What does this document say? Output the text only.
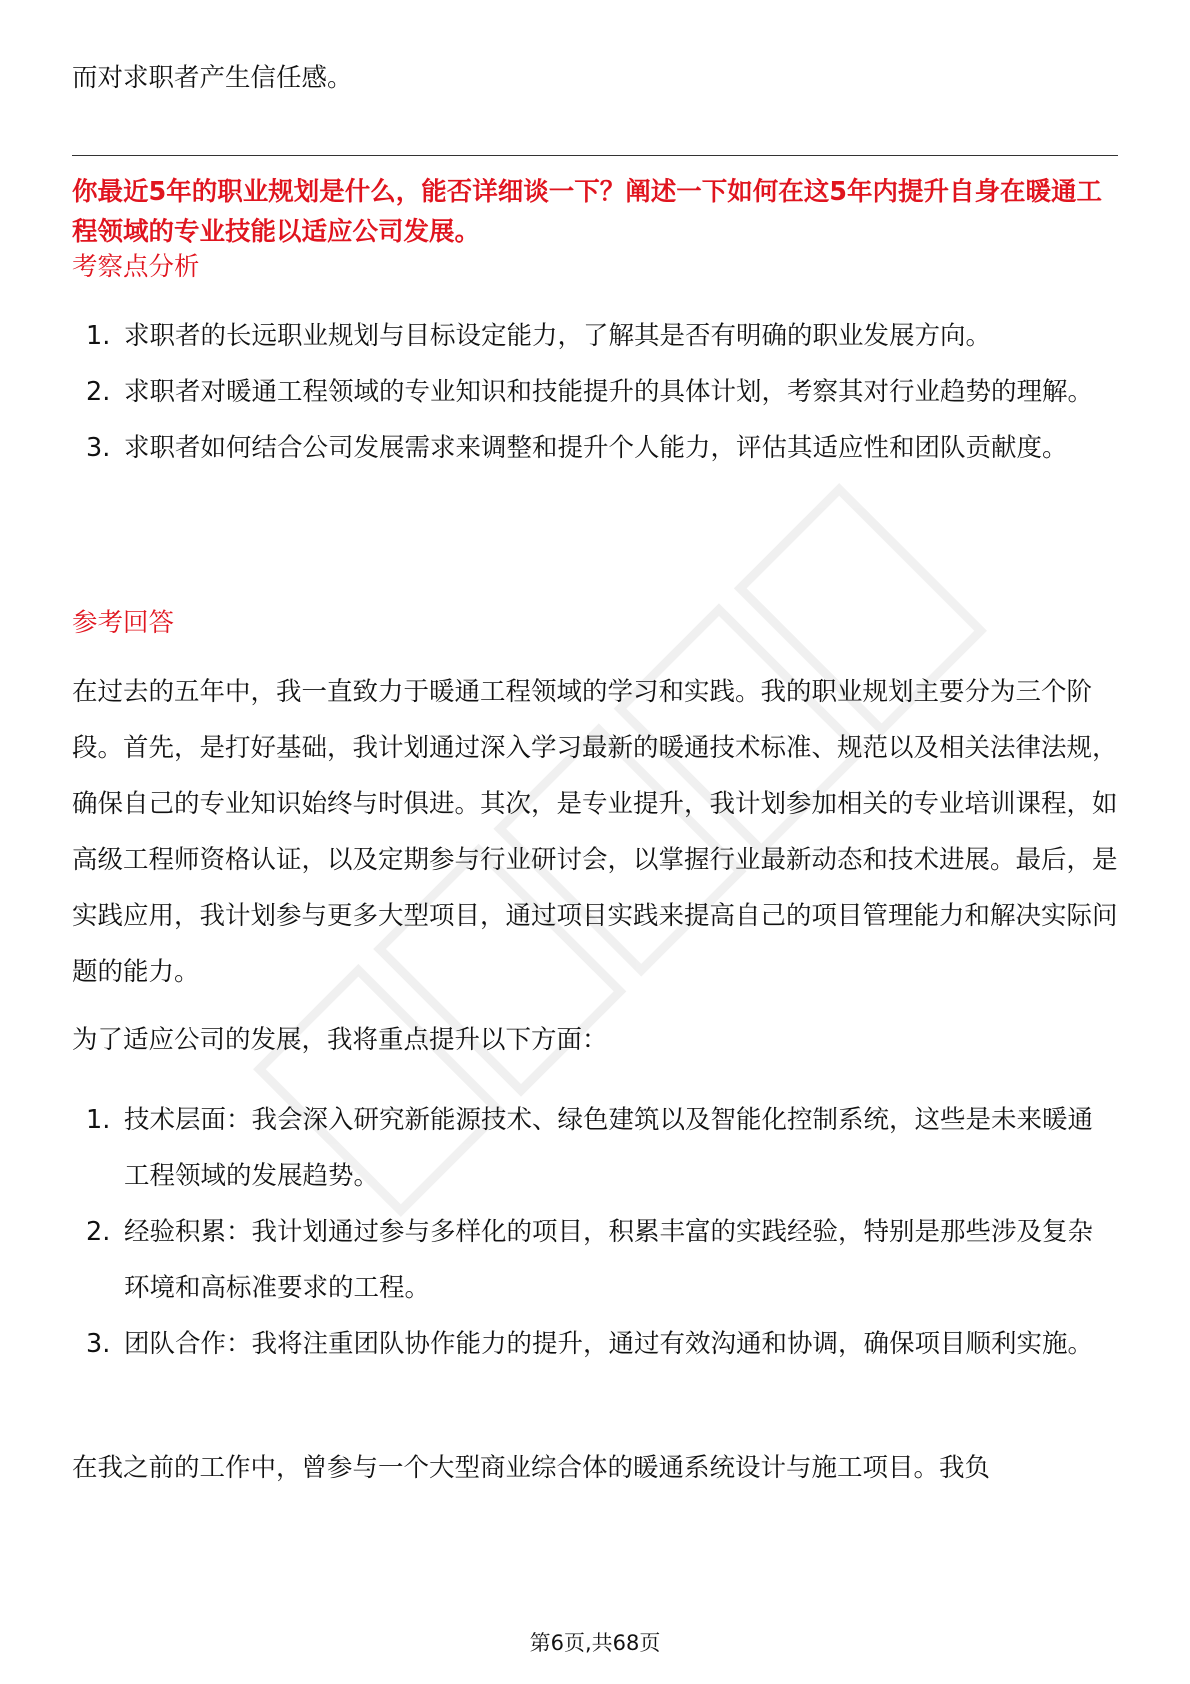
而对求职者产生信任感。

你最近5年的职业规划是什么，能否详细谈一下？阐述一下如何在这5年内提升自身在暖通工程领域的专业技能以适应公司发展。

考察点分析
1. 求职者的长远职业规划与目标设定能力，了解其是否有明确的职业发展方向。
2. 求职者对暖通工程领域的专业知识和技能提升的具体计划，考察其对行业趋势的理解。
3. 求职者如何结合公司发展需求来调整和提升个人能力，评估其适应性和团队贡献度。
参考回答

在过去的五年中，我一直致力于暖通工程领域的学习和实践。我的职业规划主要分为三个阶段。首先，是打好基础，我计划通过深入学习最新的暖通技术标准、规范以及相关法律法规，确保自己的专业知识始终与时俱进。其次，是专业提升，我计划参加相关的专业培训课程，如高级工程师资格认证，以及定期参与行业研讨会，以掌握行业最新动态和技术进展。最后，是实践应用，我计划参与更多大型项目，通过项目实践来提高自己的项目管理能力和解决实际问题的能力。

为了适应公司的发展，我将重点提升以下方面：

1. 技术层面：我会深入研究新能源技术、绿色建筑以及智能化控制系统，这些是未来暖通工程领域的发展趋势。
2. 经验积累：我计划通过参与多样化的项目，积累丰富的实践经验，特别是那些涉及复杂环境和高标准要求的工程。
3. 团队合作：我将注重团队协作能力的提升，通过有效沟通和协调，确保项目顺利实施。

在我之前的工作中，曾参与一个大型商业综合体的暖通系统设计与施工项目。我负

第6页,共68页
